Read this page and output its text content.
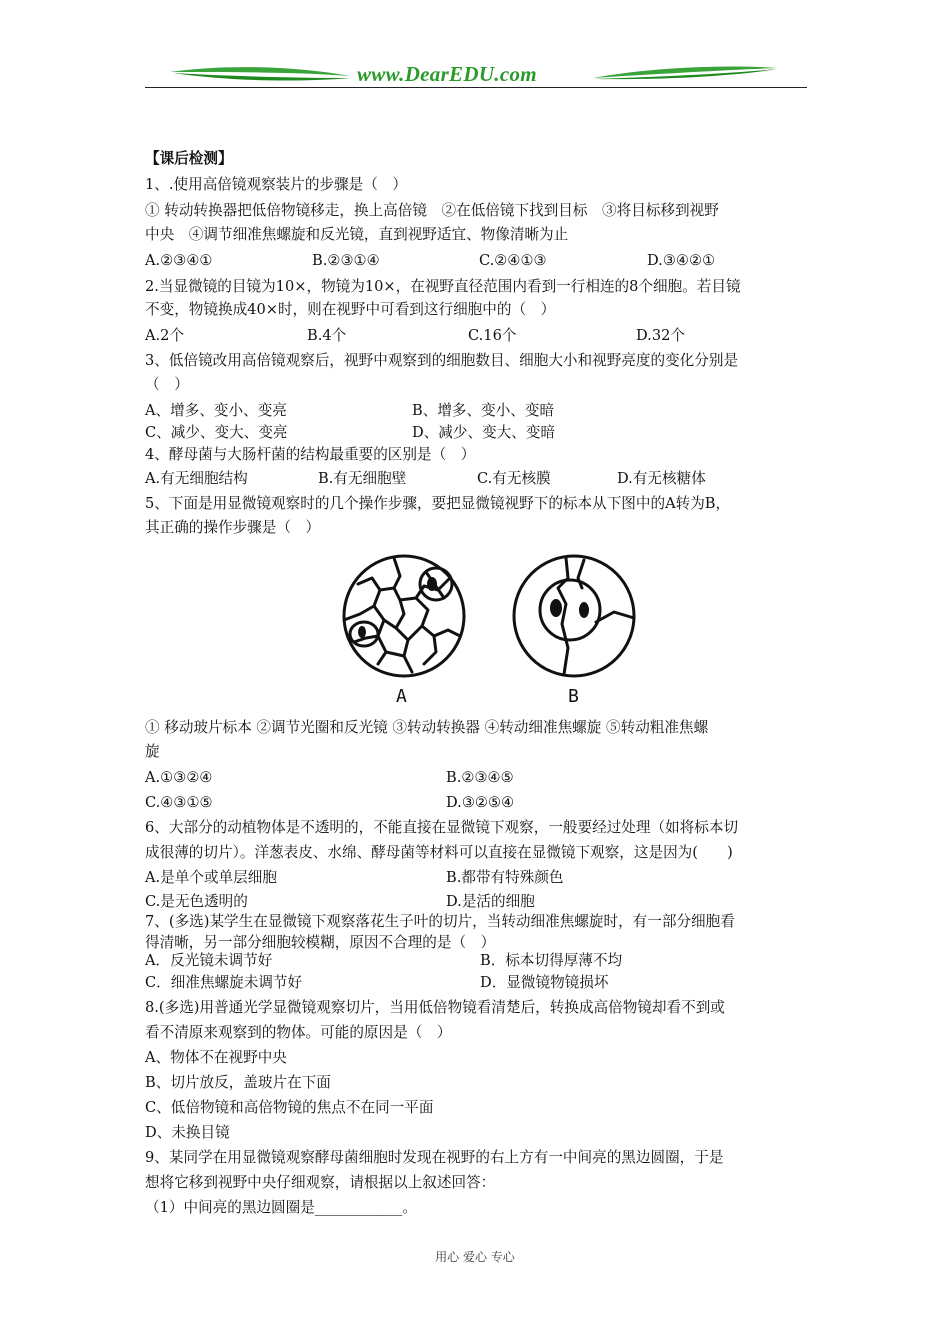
www.DearEDU.com
【课后检测】
1、.使用高倍镜观察装片的步骤是（　）
① 转动转换器把低倍物镜移走，换上高倍镜　②在低倍镜下找到目标　③将目标移到视野
中央　④调节细准焦螺旋和反光镜，直到视野适宜、物像清晰为止
A.②③④①	B.②③①④	C.②④①③	D.③④②①
2.当显微镜的目镜为10×，物镜为10×，在视野直径范围内看到一行相连的8个细胞。若目镜
不变，物镜换成40×时，则在视野中可看到这行细胞中的（　）
A.2个	B.4个	C.16个	D.32个
3、低倍镜改用高倍镜观察后，视野中观察到的细胞数目、细胞大小和视野亮度的变化分别是
（　）
A、增多、变小、变亮	B、增多、变小、变暗
C、减少、变大、变亮	D、减少、变大、变暗
4、酵母菌与大肠杆菌的结构最重要的区别是（　）
A.有无细胞结构	B.有无细胞壁	C.有无核膜	D.有无核糖体
5、下面是用显微镜观察时的几个操作步骤，要把显微镜视野下的标本从下图中的A转为B，
其正确的操作步骤是（　）
A	B
① 移动玻片标本 ②调节光圈和反光镜 ③转动转换器 ④转动细准焦螺旋 ⑤转动粗准焦螺
旋
A.①③②④	B.②③④⑤
C.④③①⑤	D.③②⑤④
6、大部分的动植物体是不透明的，不能直接在显微镜下观察，一般要经过处理（如将标本切
成很薄的切片）。洋葱表皮、水绵、酵母菌等材料可以直接在显微镜下观察，这是因为(　　)
A.是单个或单层细胞	B.都带有特殊颜色
C.是无色透明的	D.是活的细胞
7、(多选)某学生在显微镜下观察落花生子叶的切片，当转动细准焦螺旋时，有一部分细胞看
得清晰，另一部分细胞较模糊，原因不合理的是（　）
A．反光镜未调节好	B．标本切得厚薄不均
C．细准焦螺旋未调节好	D．显微镜物镜损坏
8.(多选)用普通光学显微镜观察切片，当用低倍物镜看清楚后，转换成高倍物镜却看不到或
看不清原来观察到的物体。可能的原因是（　）
A、物体不在视野中央
B、切片放反，盖玻片在下面
C、低倍物镜和高倍物镜的焦点不在同一平面
D、未换目镜
9、某同学在用显微镜观察酵母菌细胞时发现在视野的右上方有一中间亮的黑边圆圈，于是
想将它移到视野中央仔细观察，请根据以上叙述回答：
（1）中间亮的黑边圆圈是____________。
用心 爱心 专心
